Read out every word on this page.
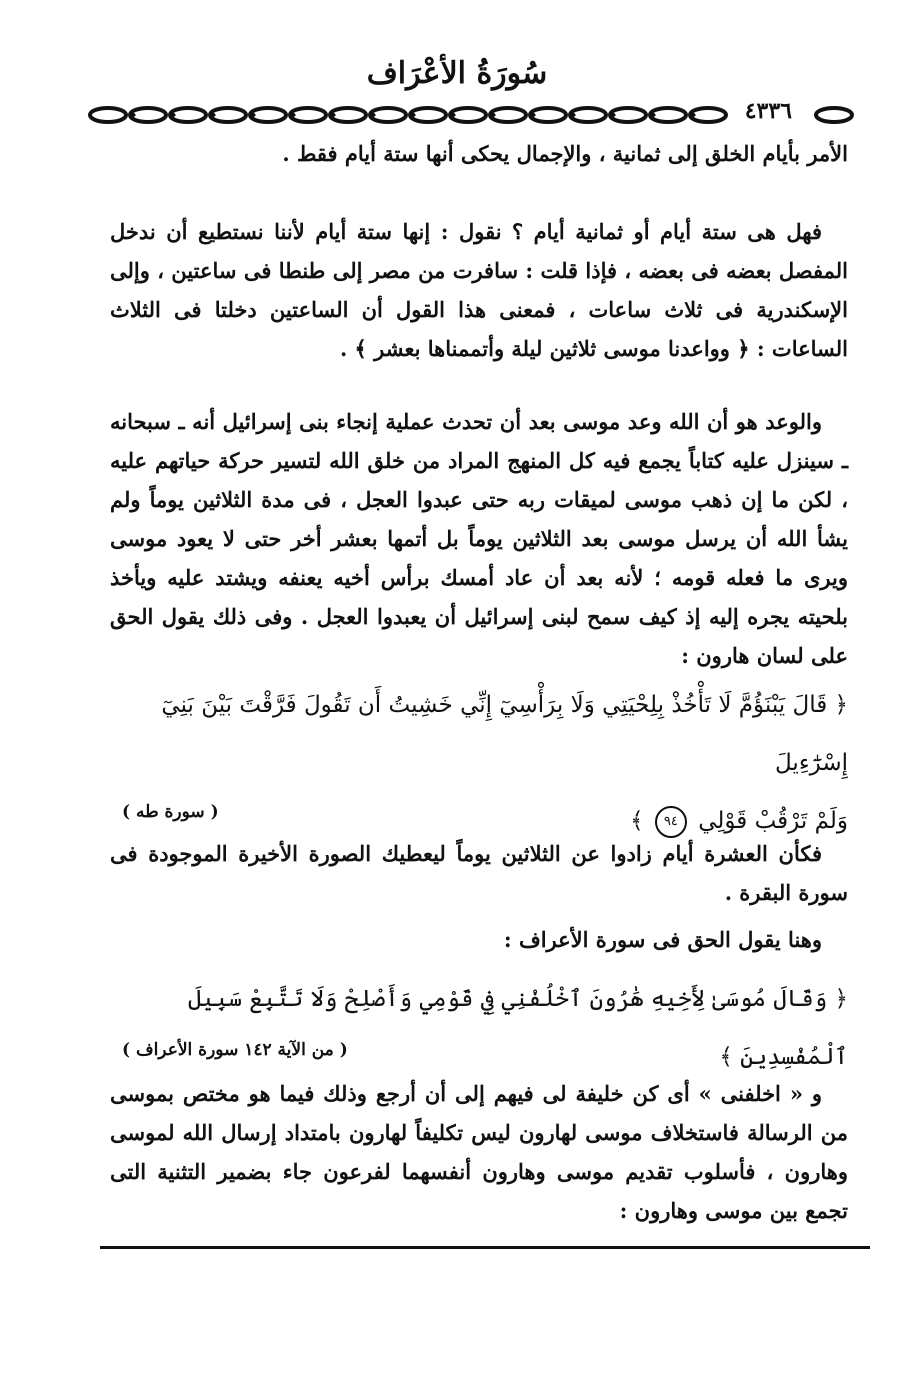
سُورَةُ الأعْرَاف
٤٣٣٦

الأمر بأيام الخلق إلى ثمانية ، والإجمال يحكى أنها ستة أيام فقط .

فهل هى ستة أيام أو ثمانية أيام ؟ نقول : إنها ستة أيام لأننا نستطيع أن ندخل المفصل بعضه فى بعضه ، فإذا قلت : سافرت من مصر إلى طنطا فى ساعتين ، وإلى الإسكندرية فى ثلاث ساعات ، فمعنى هذا القول أن الساعتين دخلتا فى الثلاث الساعات : ﴿ وواعدنا موسى ثلاثين ليلة وأتممناها بعشر ﴾ .

والوعد هو أن الله وعد موسى بعد أن تحدث عملية إنجاء بنى إسرائيل أنه ـ سبحانه ـ سينزل عليه كتاباً يجمع فيه كل المنهج المراد من خلق الله لتسير حركة حياتهم عليه ، لكن ما إن ذهب موسى لميقات ربه حتى عبدوا العجل ، فى مدة الثلاثين يوماً ولم يشأ الله أن يرسل موسى بعد الثلاثين يوماً بل أتمها بعشر أخر حتى لا يعود موسى ويرى ما فعله قومه ؛ لأنه بعد أن عاد أمسك برأس أخيه يعنفه ويشتد عليه ويأخذ بلحيته يجره إليه إذ كيف سمح لبنى إسرائيل أن يعبدوا العجل . وفى ذلك يقول الحق على لسان هارون :

﴿ قَالَ يَبْنَؤُمَّ لَا تَأْخُذْ بِلِحْيَتِي وَلَا بِرَأْسِيٓ إِنِّي خَشِيتُ أَن تَقُولَ فَرَّقْتَ بَيْنَ بَنِيٓ إِسْرَٰٓءِيلَ
وَلَمْ تَرْقُبْ قَوْلِي ٩٤ ﴾
( سورة طه )

فكأن العشرة أيام زادوا عن الثلاثين يوماً ليعطيك الصورة الأخيرة الموجودة فى سورة البقرة .

وهنا يقول الحق فى سورة الأعراف :

﴿ وَقَالَ مُوسَىٰ لِأَخِيهِ هَٰرُونَ ٱخْلُفْنِي فِي قَوْمِي وَأَصْلِحْ وَلَا تَتَّبِعْ سَبِيلَ ٱلْمُفْسِدِينَ ﴾
( من الآية ١٤٢ سورة الأعراف )

و « اخلفنى » أى كن خليفة لى فيهم إلى أن أرجع وذلك فيما هو مختص بموسى من الرسالة فاستخلاف موسى لهارون ليس تكليفاً لهارون بامتداد إرسال الله لموسى وهارون ، فأسلوب تقديم موسى وهارون أنفسهما لفرعون جاء بضمير التثنية التى تجمع بين موسى وهارون :
